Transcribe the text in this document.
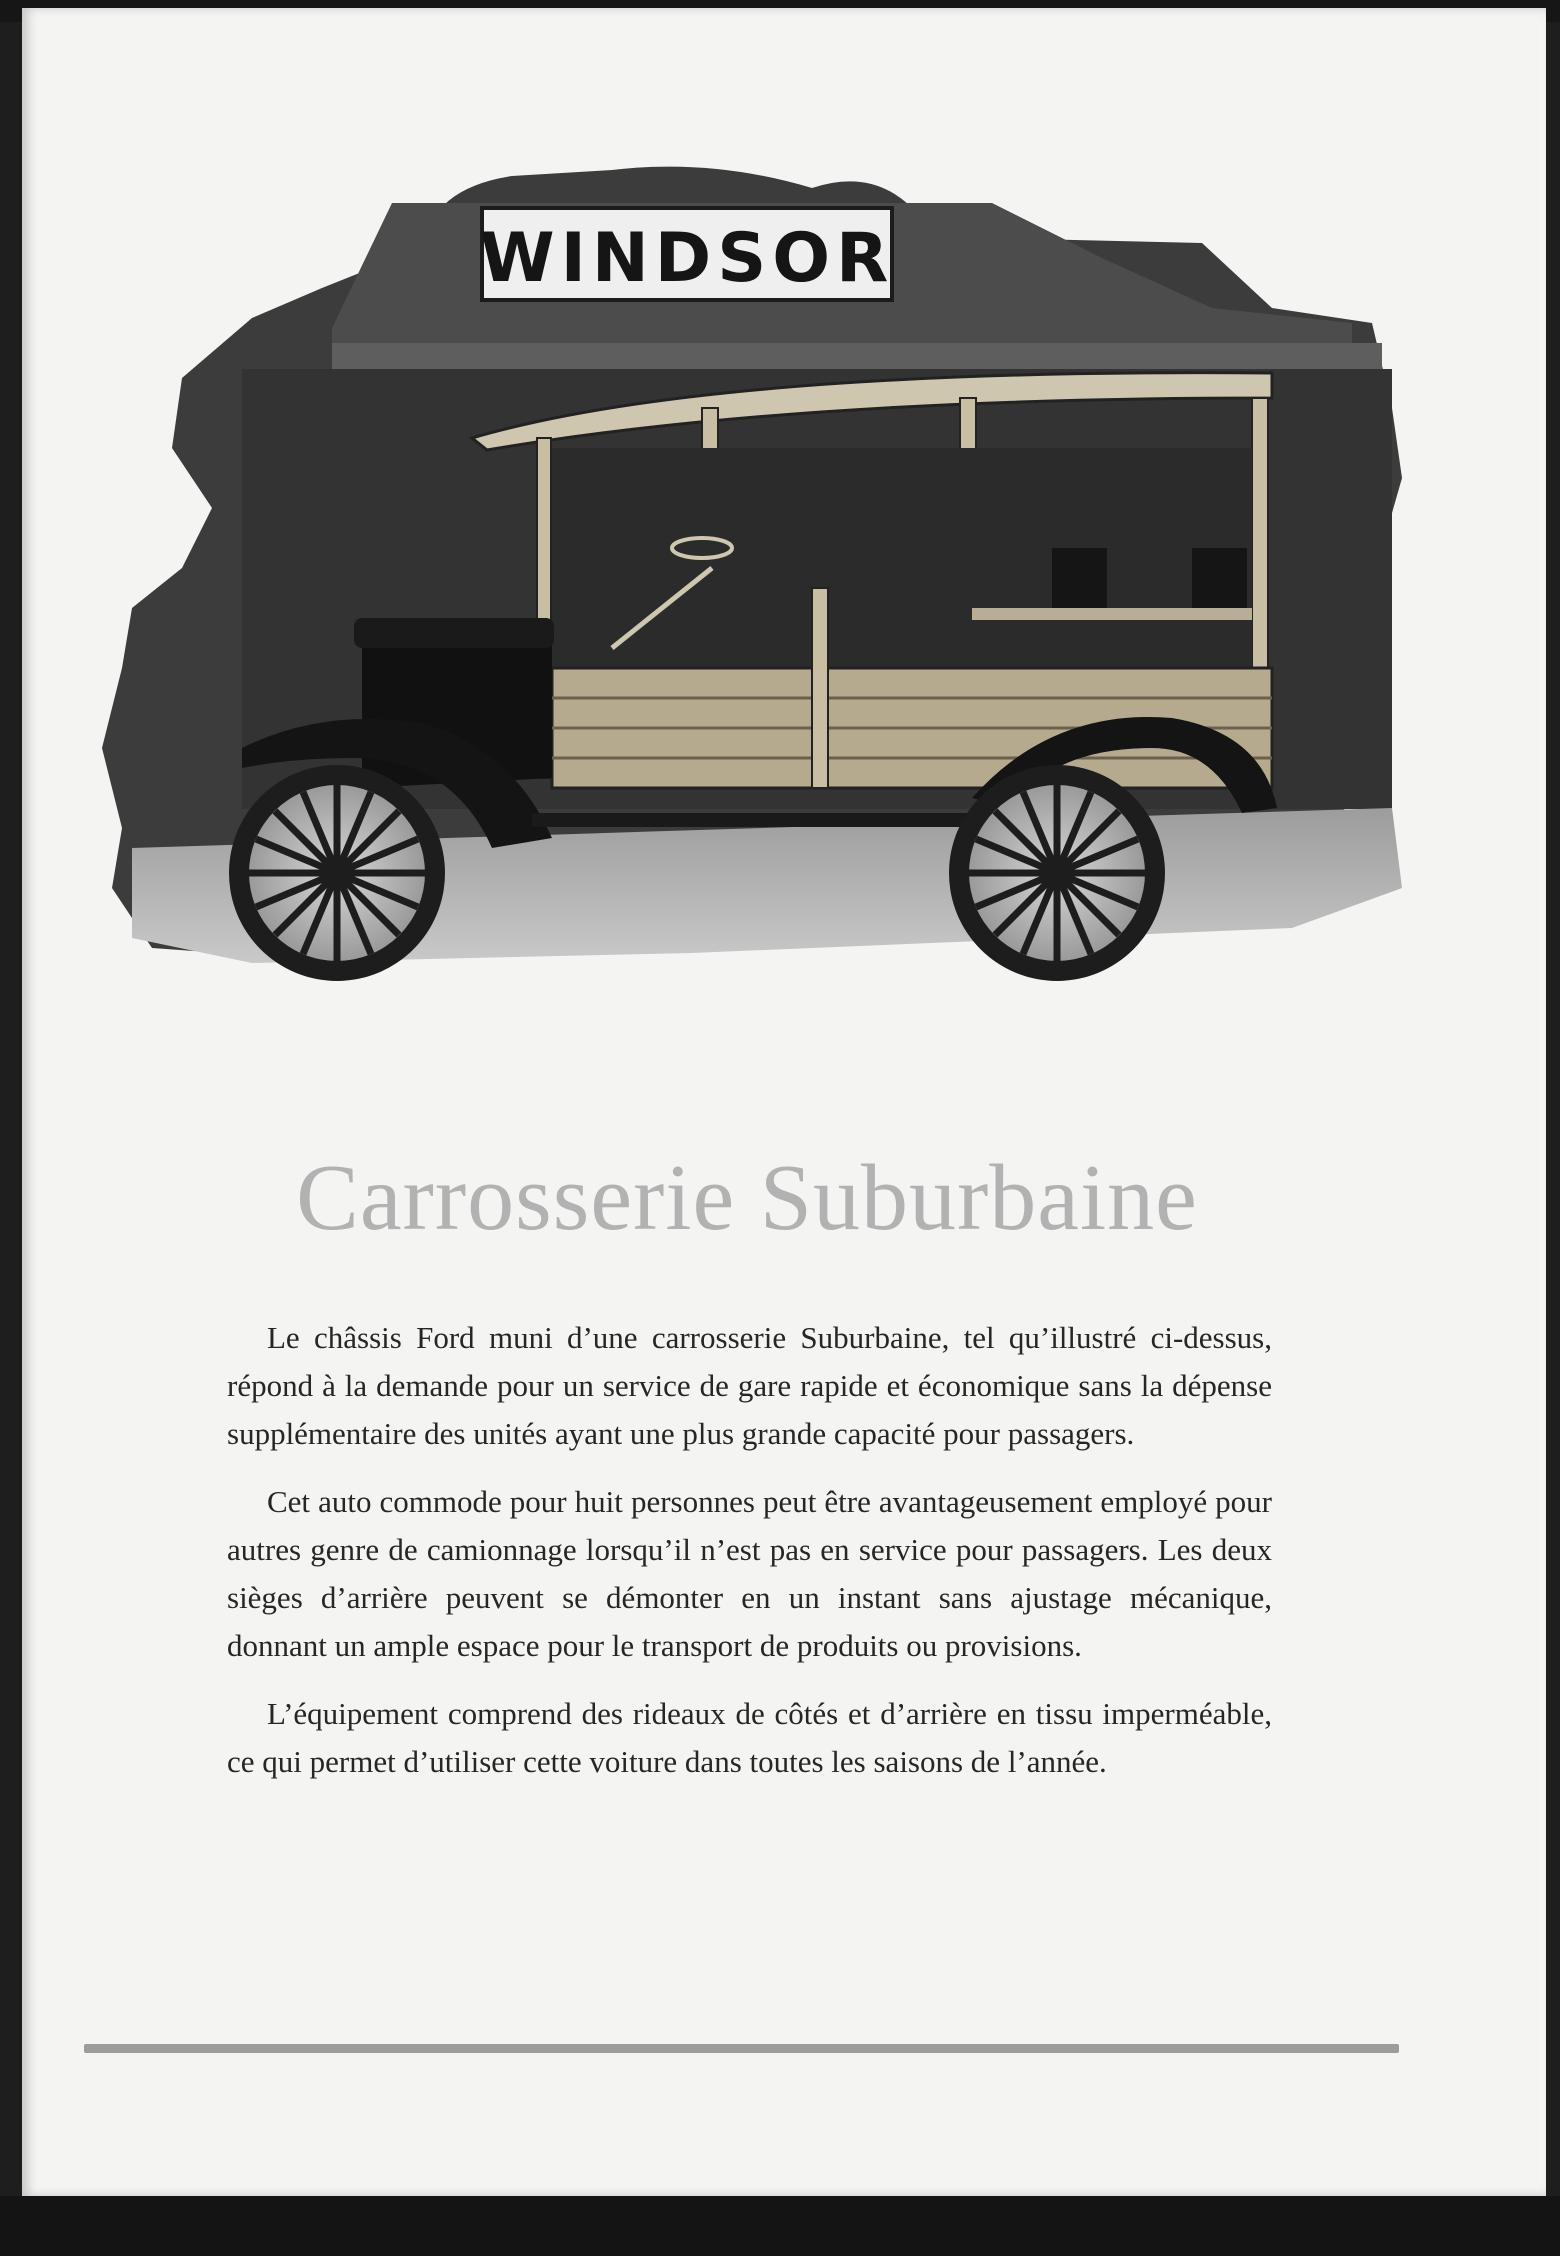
WINDSOR
Carrosserie Suburbaine

Le châssis Ford muni d’une carrosserie Suburbaine, tel qu’illustré ci-dessus, répond à la demande pour un service de gare rapide et économique sans la dépense supplémentaire des unités ayant une plus grande capacité pour passagers.

Cet auto commode pour huit personnes peut être avantageusement employé pour autres genre de camionnage lorsqu’il n’est pas en service pour passagers. Les deux sièges d’arrière peuvent se démonter en un instant sans ajustage mécanique, donnant un ample espace pour le transport de produits ou provisions.

L’équipement comprend des rideaux de côtés et d’arrière en tissu imperméable, ce qui permet d’utiliser cette voiture dans toutes les saisons de l’année.
